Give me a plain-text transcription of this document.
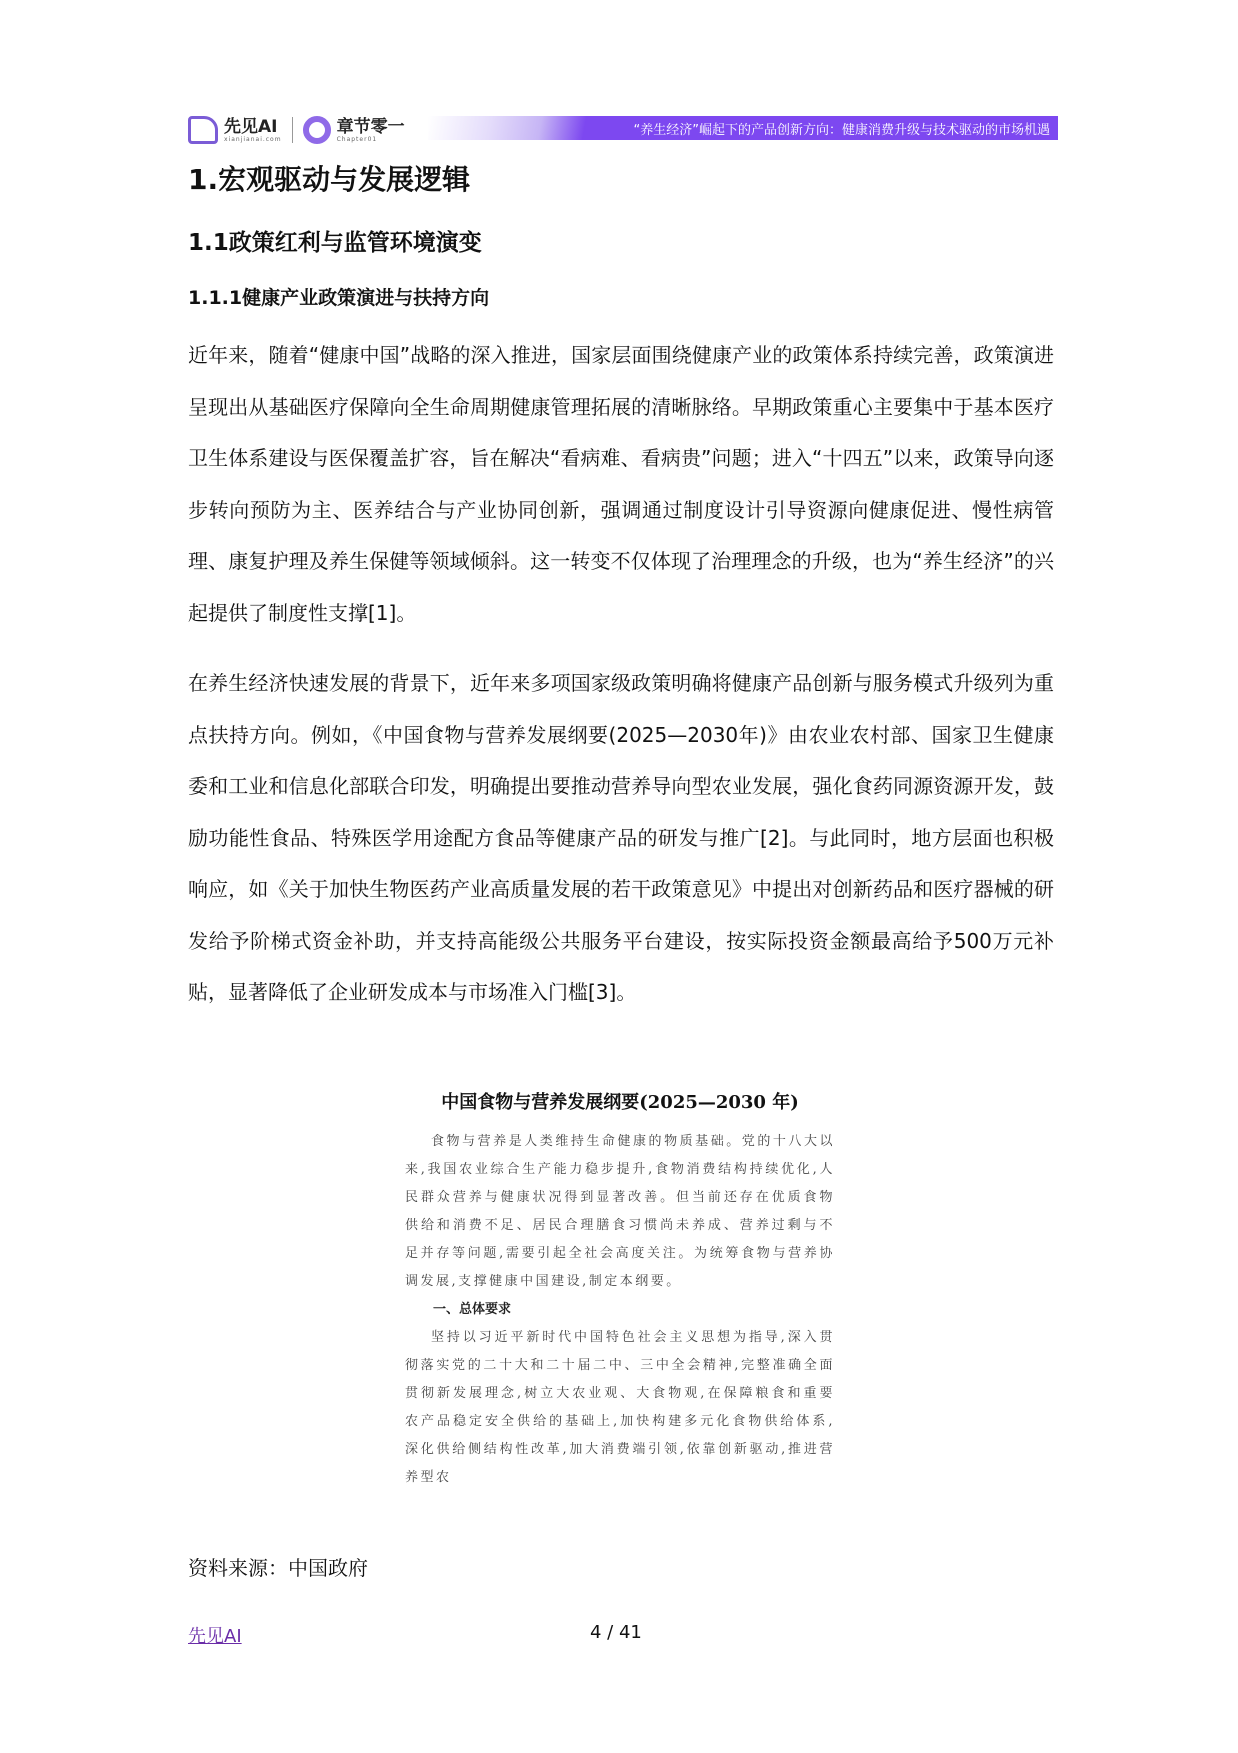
先见AI
xianjianai.com
章节零一
Chapter01
“养生经济”崛起下的产品创新方向：健康消费升级与技术驱动的市场机遇
1.宏观驱动与发展逻辑
1.1政策红利与监管环境演变
1.1.1健康产业政策演进与扶持方向
近年来，随着“健康中国”战略的深入推进，国家层面围绕健康产业的政策体系持续完善，政策演进呈现出从基础医疗保障向全生命周期健康管理拓展的清晰脉络。早期政策重心主要集中于基本医疗卫生体系建设与医保覆盖扩容，旨在解决“看病难、看病贵”问题；进入“十四五”以来，政策导向逐步转向预防为主、医养结合与产业协同创新，强调通过制度设计引导资源向健康促进、慢性病管理、康复护理及养生保健等领域倾斜。这一转变不仅体现了治理理念的升级，也为“养生经济”的兴起提供了制度性支撑[1]。
在养生经济快速发展的背景下，近年来多项国家级政策明确将健康产品创新与服务模式升级列为重点扶持方向。例如，《中国食物与营养发展纲要(2025—2030年)》由农业农村部、国家卫生健康委和工业和信息化部联合印发，明确提出要推动营养导向型农业发展，强化食药同源资源开发，鼓励功能性食品、特殊医学用途配方食品等健康产品的研发与推广[2]。与此同时，地方层面也积极响应，如《关于加快生物医药产业高质量发展的若干政策意见》中提出对创新药品和医疗器械的研发给予阶梯式资金补助，并支持高能级公共服务平台建设，按实际投资金额最高给予500万元补贴，显著降低了企业研发成本与市场准入门槛[3]。
中国食物与营养发展纲要(2025—2030 年)

食物与营养是人类维持生命健康的物质基础。党的十八大以来,我国农业综合生产能力稳步提升,食物消费结构持续优化,人民群众营养与健康状况得到显著改善。但当前还存在优质食物供给和消费不足、居民合理膳食习惯尚未养成、营养过剩与不足并存等问题,需要引起全社会高度关注。为统筹食物与营养协调发展,支撑健康中国建设,制定本纲要。

一、总体要求

坚持以习近平新时代中国特色社会主义思想为指导,深入贯彻落实党的二十大和二十届二中、三中全会精神,完整准确全面贯彻新发展理念,树立大农业观、大食物观,在保障粮食和重要农产品稳定安全供给的基础上,加快构建多元化食物供给体系,深化供给侧结构性改革,加大消费端引领,依靠创新驱动,推进营养型农

资料来源：中国政府
先见AI	4 / 41
